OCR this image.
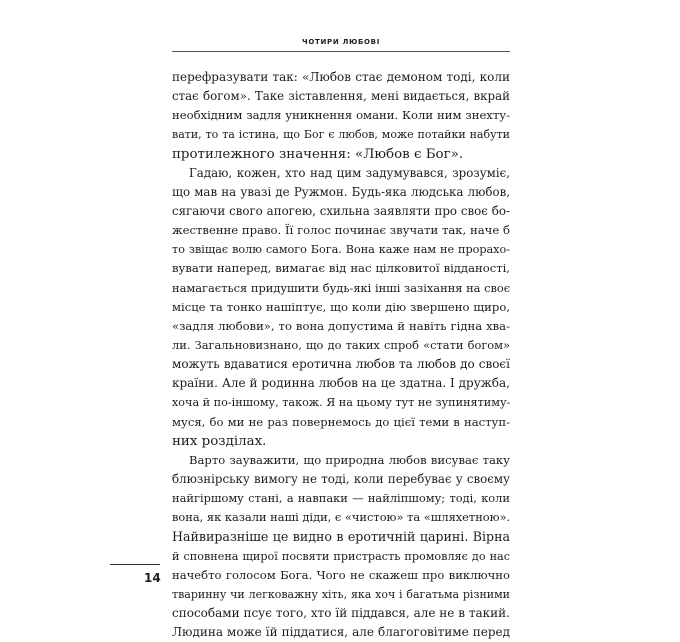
ЧОТИРИ ЛЮБОВІ
перефразувати так: «Любов стає демоном тоді, коли
стає богом». Таке зіставлення, мені видається, вкрай
необхідним задля уникнення омани. Коли ним знехту-
вати, то та істина, що Бог є любов, може потайки набути
протилежного значення: «Любов є Бог».
Гадаю, кожен, хто над цим задумувався, зрозуміє,
що мав на увазі де Ружмон. Будь-яка людська любов,
сягаючи свого апогею, схильна заявляти про своє бо-
жественне право. Її голос починає звучати так, наче б
то звіщає волю самого Бога. Вона каже нам не прорахо-
вувати наперед, вимагає від нас цілковитої відданості,
намагається придушити будь-які інші зазіхання на своє
місце та тонко нашіптує, що коли дію звершено щиро,
«задля любови», то вона допустима й навіть гідна хва-
ли. Загальновизнано, що до таких спроб «стати богом»
можуть вдаватися еротична любов та любов до своєї
країни. Але й родинна любов на це здатна. І дружба,
хоча й по-іншому, також. Я на цьому тут не зупинятиму-
муся, бо ми не раз повернемось до цієї теми в наступ-
них розділах.
Варто зауважити, що природна любов висуває таку
блюзнірську вимогу не тоді, коли перебуває у своєму
найгіршому стані, а навпаки — найліпшому; тоді, коли
вона, як казали наші діди, є «чистою» та «шляхетною».
Найвиразніше це видно в еротичній царині. Вірна
й сповнена щирої посвяти пристрасть промовляє до нас
начебто голосом Бога. Чого не скажеш про виключно
тваринну чи легковажну хіть, яка хоч і багатьма різними
способами псує того, хто їй піддався, але не в такий.
Людина може їй піддатися, але благоговітиме перед
14
